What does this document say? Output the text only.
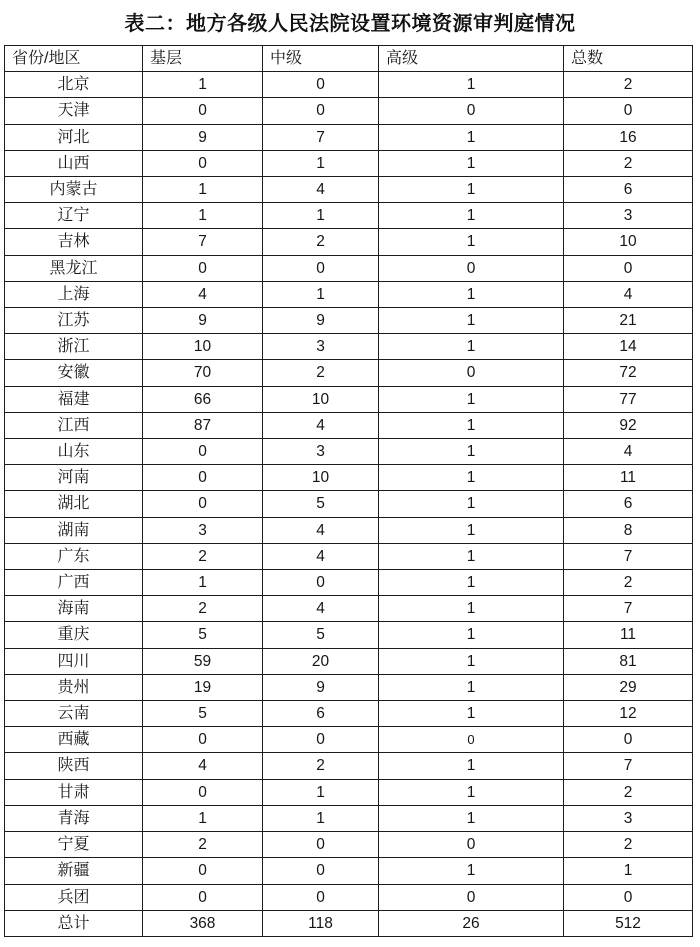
表二：地方各级人民法院设置环境资源审判庭情况
省份/地区	基层	中级	高级	总数
北京	1	0	1	2
天津	0	0	0	0
河北	9	7	1	16
山西	0	1	1	2
内蒙古	1	4	1	6
辽宁	1	1	1	3
吉林	7	2	1	10
黑龙江	0	0	0	0
上海	4	1	1	4
江苏	9	9	1	21
浙江	10	3	1	14
安徽	70	2	0	72
福建	66	10	1	77
江西	87	4	1	92
山东	0	3	1	4
河南	0	10	1	11
湖北	0	5	1	6
湖南	3	4	1	8
广东	2	4	1	7
广西	1	0	1	2
海南	2	4	1	7
重庆	5	5	1	11
四川	59	20	1	81
贵州	19	9	1	29
云南	5	6	1	12
西藏	0	0	0	0
陕西	4	2	1	7
甘肃	0	1	1	2
青海	1	1	1	3
宁夏	2	0	0	2
新疆	0	0	1	1
兵团	0	0	0	0
总计	368	118	26	512
